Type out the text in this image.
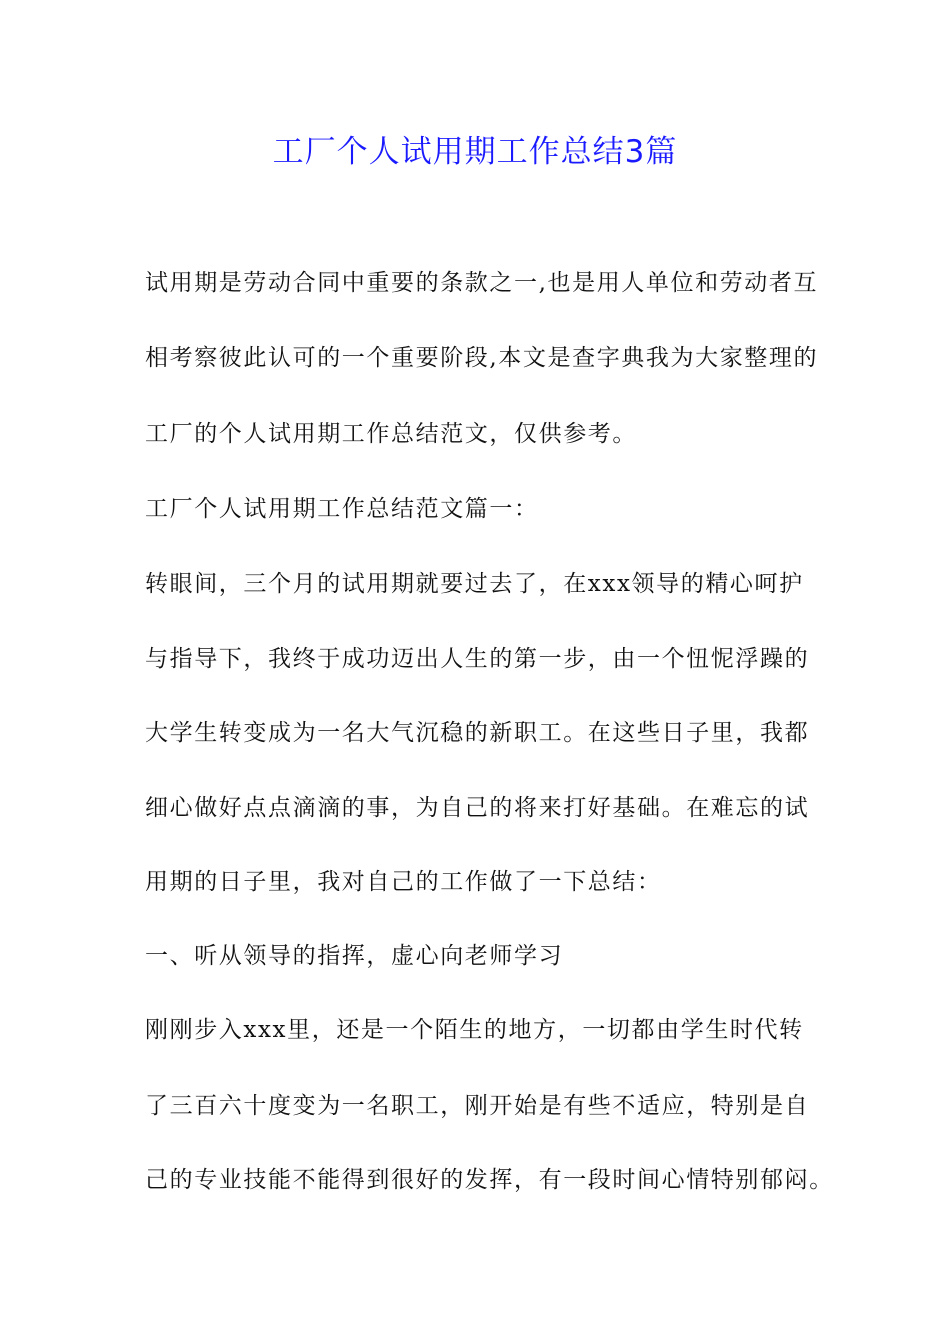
工厂个人试用期工作总结3篇
试用期是劳动合同中重要的条款之一,也是用人单位和劳动者互
相考察彼此认可的一个重要阶段,本文是查字典我为大家整理的
工厂的个人试用期工作总结范文，仅供参考。
工厂个人试用期工作总结范文篇一：
转眼间，三个月的试用期就要过去了，在xxx领导的精心呵护
与指导下，我终于成功迈出人生的第一步，由一个忸怩浮躁的
大学生转变成为一名大气沉稳的新职工。在这些日子里，我都
细心做好点点滴滴的事，为自己的将来打好基础。在难忘的试
用期的日子里，我对自己的工作做了一下总结：
一、听从领导的指挥，虚心向老师学习
刚刚步入xxx里，还是一个陌生的地方，一切都由学生时代转
了三百六十度变为一名职工，刚开始是有些不适应，特别是自
己的专业技能不能得到很好的发挥，有一段时间心情特别郁闷。
